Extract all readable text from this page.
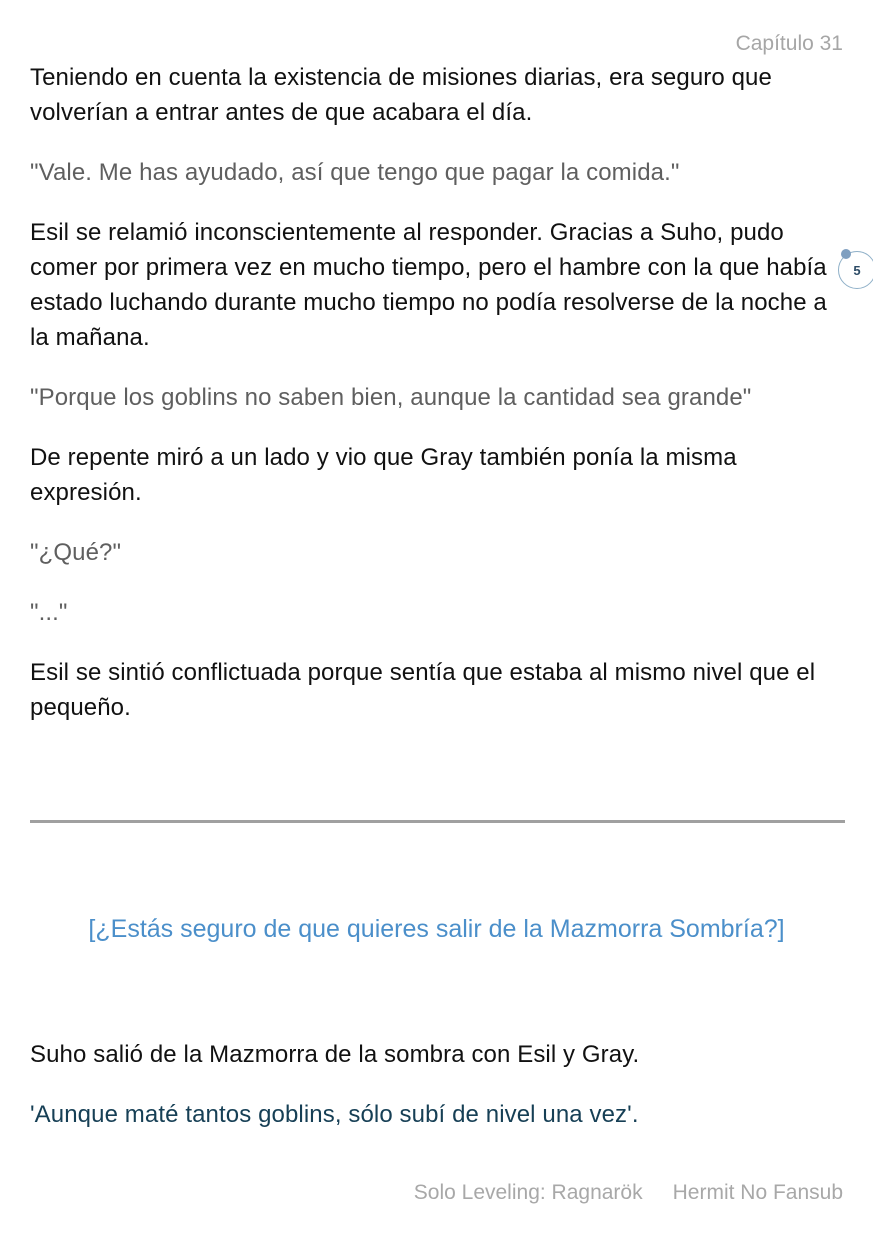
Capítulo 31

Teniendo en cuenta la existencia de misiones diarias, era seguro que volverían a entrar antes de que acabara el día.

"Vale. Me has ayudado, así que tengo que pagar la comida."

Esil se relamió inconscientemente al responder. Gracias a Suho, pudo comer por primera vez en mucho tiempo, pero el hambre con la que había estado luchando durante mucho tiempo no podía resolverse de la noche a la mañana.

"Porque los goblins no saben bien, aunque la cantidad sea grande"

De repente miró a un lado y vio que Gray también ponía la misma expresión.

"¿Qué?"

"..."

Esil se sintió conflictuada porque sentía que estaba al mismo nivel que el pequeño.

[¿Estás seguro de que quieres salir de la Mazmorra Sombría?]

Suho salió de la Mazmorra de la sombra con Esil y Gray.

'Aunque maté tantos goblins, sólo subí de nivel una vez'.

5
Solo Leveling: Ragnarök Hermit No Fansub
